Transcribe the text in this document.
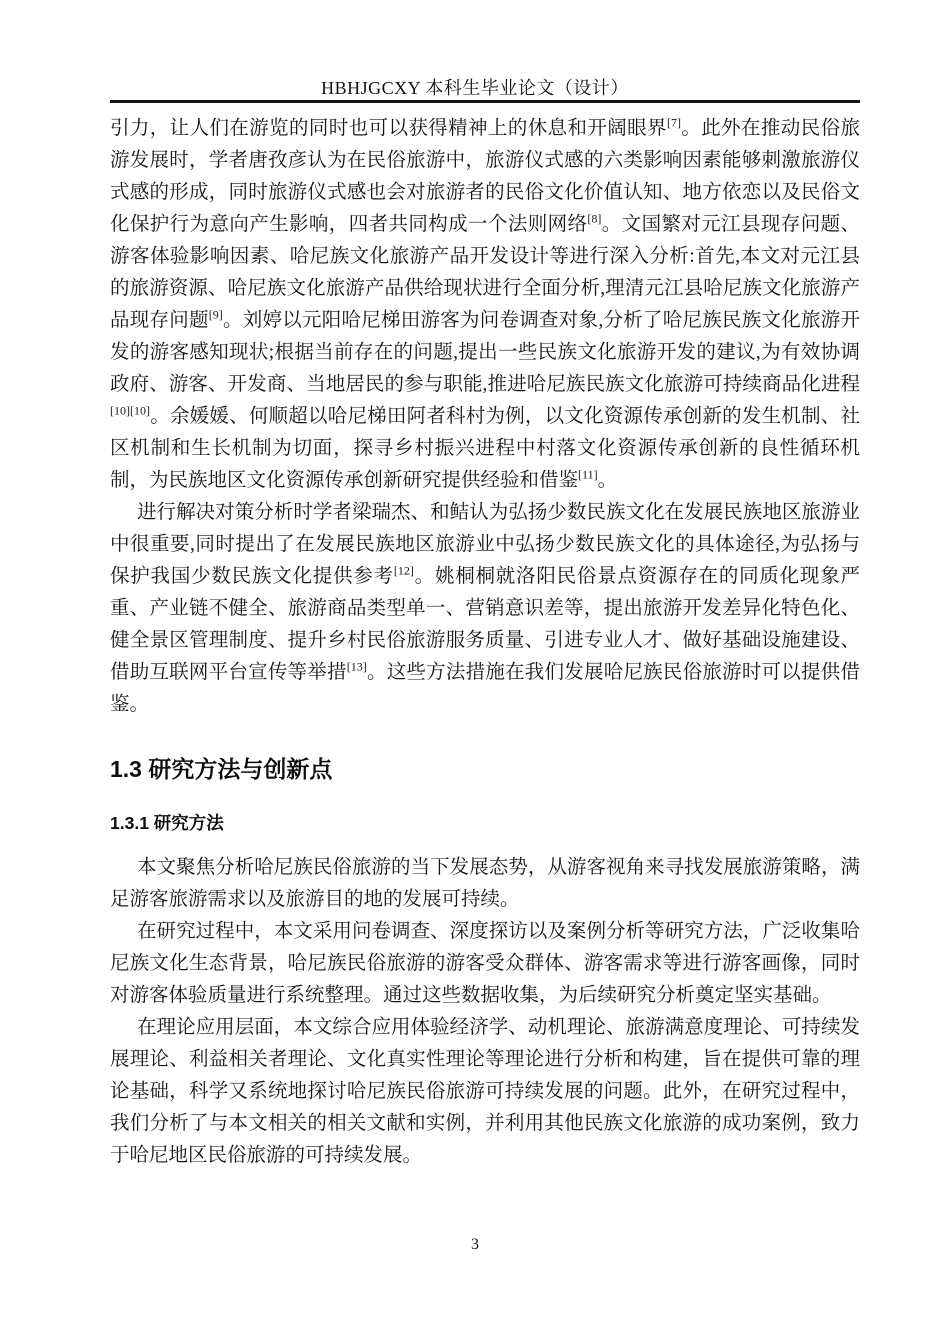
HBHJGCXY 本科生毕业论文（设计）

引力，让人们在游览的同时也可以获得精神上的休息和开阔眼界[7]。此外在推动民俗旅游发展时，学者唐孜彦认为在民俗旅游中，旅游仪式感的六类影响因素能够刺激旅游仪式感的形成，同时旅游仪式感也会对旅游者的民俗文化价值认知、地方依恋以及民俗文化保护行为意向产生影响，四者共同构成一个法则网络[8]。文国繁对元江县现存问题、游客体验影响因素、哈尼族文化旅游产品开发设计等进行深入分析:首先,本文对元江县的旅游资源、哈尼族文化旅游产品供给现状进行全面分析,理清元江县哈尼族文化旅游产品现存问题[9]。刘婷以元阳哈尼梯田游客为问卷调查对象,分析了哈尼族民族文化旅游开发的游客感知现状;根据当前存在的问题,提出一些民族文化旅游开发的建议,为有效协调政府、游客、开发商、当地居民的参与职能,推进哈尼族民族文化旅游可持续商品化进程[10][10]。余媛媛、何顺超以哈尼梯田阿者科村为例，以文化资源传承创新的发生机制、社区机制和生长机制为切面，探寻乡村振兴进程中村落文化资源传承创新的良性循环机制，为民族地区文化资源传承创新研究提供经验和借鉴[11]。

进行解决对策分析时学者梁瑞杰、和鲒认为弘扬少数民族文化在发展民族地区旅游业中很重要,同时提出了在发展民族地区旅游业中弘扬少数民族文化的具体途径,为弘扬与保护我国少数民族文化提供参考[12]。姚桐桐就洛阳民俗景点资源存在的同质化现象严重、产业链不健全、旅游商品类型单一、营销意识差等，提出旅游开发差异化特色化、健全景区管理制度、提升乡村民俗旅游服务质量、引进专业人才、做好基础设施建设、借助互联网平台宣传等举措[13]。这些方法措施在我们发展哈尼族民俗旅游时可以提供借鉴。

1.3 研究方法与创新点
1.3.1 研究方法

本文聚焦分析哈尼族民俗旅游的当下发展态势，从游客视角来寻找发展旅游策略，满足游客旅游需求以及旅游目的地的发展可持续。

在研究过程中，本文采用问卷调查、深度探访以及案例分析等研究方法，广泛收集哈尼族文化生态背景，哈尼族民俗旅游的游客受众群体、游客需求等进行游客画像，同时对游客体验质量进行系统整理。通过这些数据收集，为后续研究分析奠定坚实基础。

在理论应用层面，本文综合应用体验经济学、动机理论、旅游满意度理论、可持续发展理论、利益相关者理论、文化真实性理论等理论进行分析和构建，旨在提供可靠的理论基础，科学又系统地探讨哈尼族民俗旅游可持续发展的问题。此外，在研究过程中，我们分析了与本文相关的相关文献和实例，并利用其他民族文化旅游的成功案例，致力于哈尼地区民俗旅游的可持续发展。

3
